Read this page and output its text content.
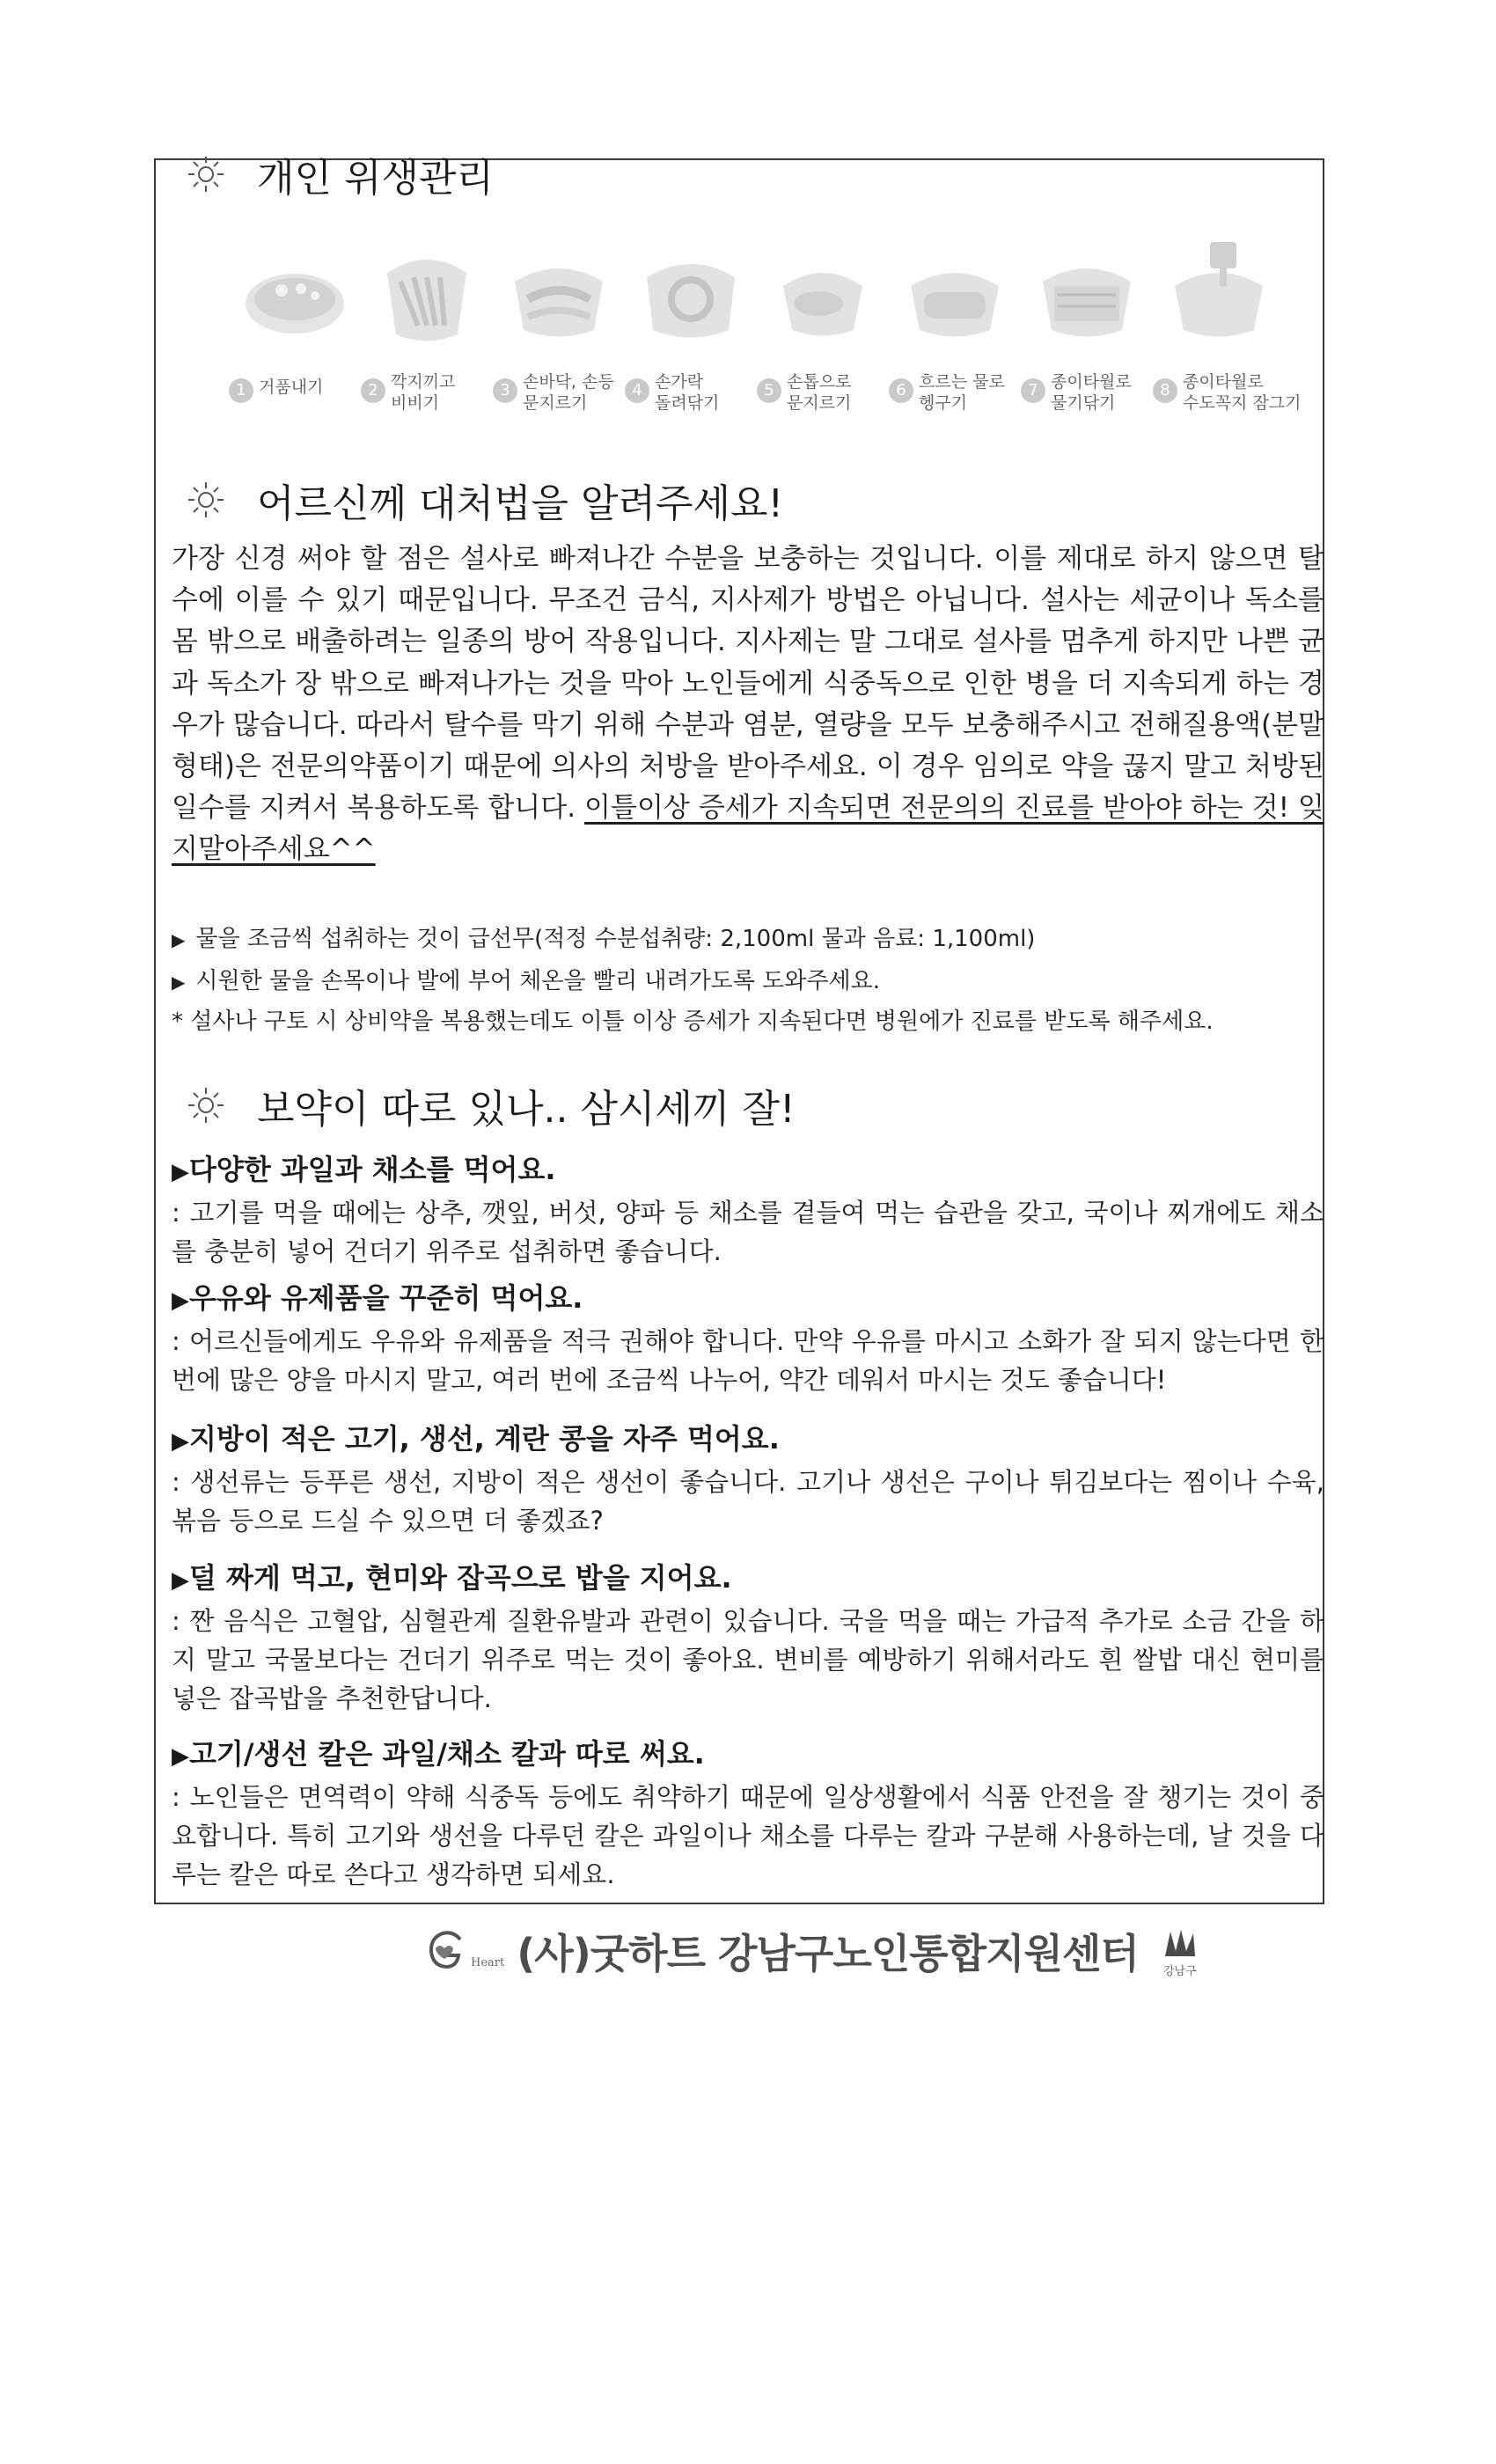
개인 위생관리
1 거품내기	2 깍지끼고
비비기
3 손바닥, 손등
문지르기
4 손가락
돌려닦기
5 손톱으로
문지르기
6 흐르는 물로
헹구기
7 종이타월로
물기닦기
8 종이타월로
수도꼭지 잠그기
어르신께 대처법을 알려주세요!
가장 신경 써야 할 점은 설사로 빠져나간 수분을 보충하는 것입니다. 이를 제대로 하지 않으면 탈수에 이를 수 있기 때문입니다. 무조건 금식, 지사제가 방법은 아닙니다. 설사는 세균이나 독소를 몸 밖으로 배출하려는 일종의 방어 작용입니다. 지사제는 말 그대로 설사를 멈추게 하지만 나쁜 균과 독소가 장 밖으로 빠져나가는 것을 막아 노인들에게 식중독으로 인한 병을 더 지속되게 하는 경우가 많습니다. 따라서 탈수를 막기 위해 수분과 염분, 열량을 모두 보충해주시고 전해질용액(분말형태)은 전문의약품이기 때문에 의사의 처방을 받아주세요. 이 경우 임의로 약을 끊지 말고 처방된 일수를 지켜서 복용하도록 합니다. 이틀이상 증세가 지속되면 전문의의 진료를 받아야 하는 것! 잊지말아주세요^^
▶ 물을 조금씩 섭취하는 것이 급선무(적정 수분섭취량: 2,100ml 물과 음료: 1,100ml)
▶ 시원한 물을 손목이나 발에 부어 체온을 빨리 내려가도록 도와주세요.
* 설사나 구토 시 상비약을 복용했는데도 이틀 이상 증세가 지속된다면 병원에가 진료를 받도록 해주세요.
보약이 따로 있나.. 삼시세끼 잘!
▶다양한 과일과 채소를 먹어요.
: 고기를 먹을 때에는 상추, 깻잎, 버섯, 양파 등 채소를 곁들여 먹는 습관을 갖고, 국이나 찌개에도 채소를 충분히 넣어 건더기 위주로 섭취하면 좋습니다.
▶우유와 유제품을 꾸준히 먹어요.
: 어르신들에게도 우유와 유제품을 적극 권해야 합니다. 만약 우유를 마시고 소화가 잘 되지 않는다면 한 번에 많은 양을 마시지 말고, 여러 번에 조금씩 나누어, 약간 데워서 마시는 것도 좋습니다!
▶지방이 적은 고기, 생선, 계란 콩을 자주 먹어요.
: 생선류는 등푸른 생선, 지방이 적은 생선이 좋습니다. 고기나 생선은 구이나 튀김보다는 찜이나 수육, 볶음 등으로 드실 수 있으면 더 좋겠죠?
▶덜 짜게 먹고, 현미와 잡곡으로 밥을 지어요.
: 짠 음식은 고혈압, 심혈관계 질환유발과 관련이 있습니다. 국을 먹을 때는 가급적 추가로 소금 간을 하지 말고 국물보다는 건더기 위주로 먹는 것이 좋아요. 변비를 예방하기 위해서라도 흰 쌀밥 대신 현미를 넣은 잡곡밥을 추천한답니다.
▶고기/생선 칼은 과일/채소 칼과 따로 써요.
: 노인들은 면역력이 약해 식중독 등에도 취약하기 때문에 일상생활에서 식품 안전을 잘 챙기는 것이 중요합니다. 특히 고기와 생선을 다루던 칼은 과일이나 채소를 다루는 칼과 구분해 사용하는데, 날 것을 다루는 칼은 따로 쓴다고 생각하면 되세요.
Heart (사)굿하트 강남구노인통합지원센터 강남구
